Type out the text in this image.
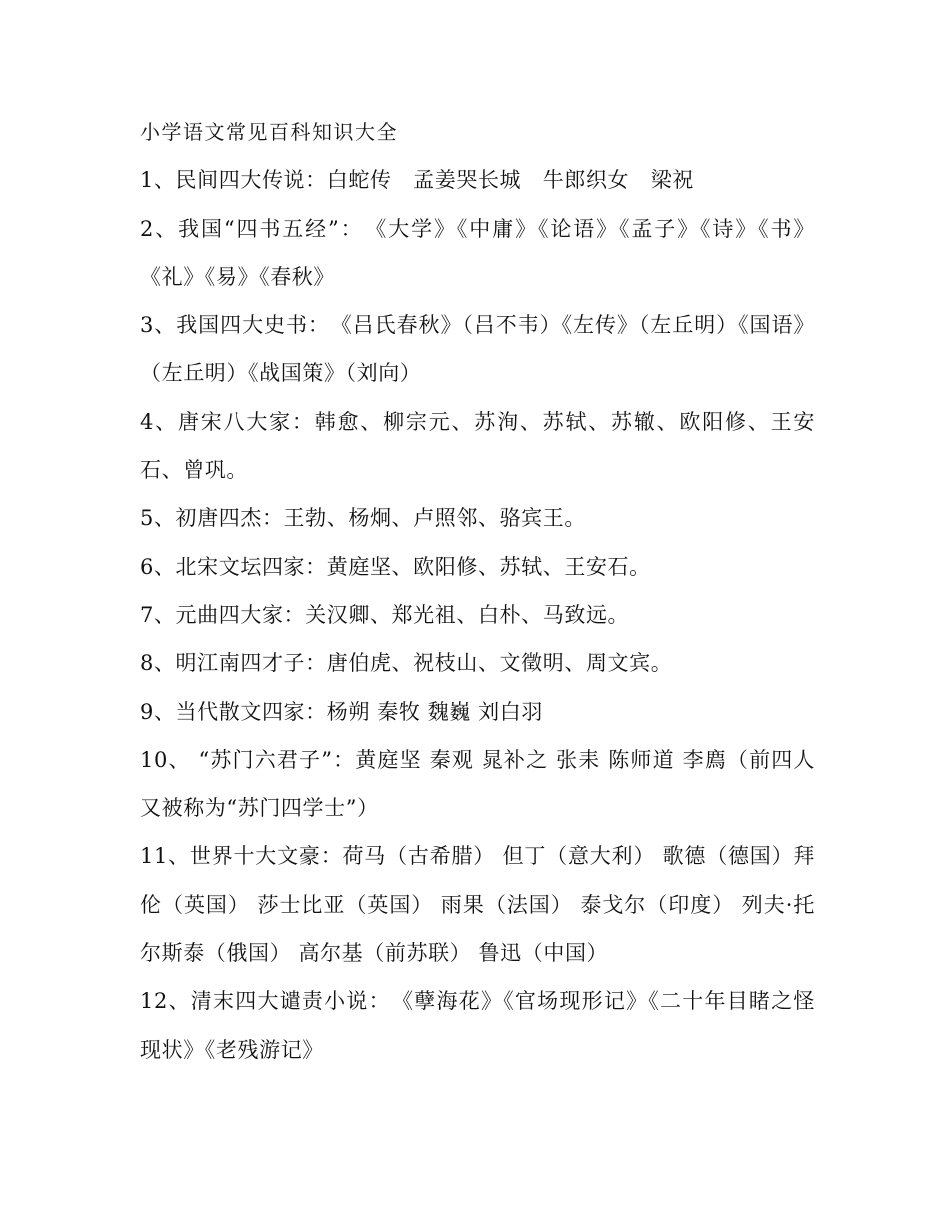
小学语文常见百科知识大全

1、民间四大传说：白蛇传　孟姜哭长城　牛郎织女　梁祝

2、我国“四书五经”：　《大学》《中庸》《论语》《孟子》《诗》《书》《礼》《易》《春秋》

3、我国四大史书：　《吕氏春秋》（吕不韦）《左传》（左丘明）《国语》（左丘明）《战国策》（刘向）

4、唐宋八大家：韩愈、柳宗元、苏洵、苏轼、苏辙、欧阳修、王安石、曾巩。

5、初唐四杰：王勃、杨炯、卢照邻、骆宾王。

6、北宋文坛四家：黄庭坚、欧阳修、苏轼、王安石。

7、元曲四大家：关汉卿、郑光祖、白朴、马致远。

8、明江南四才子：唐伯虎、祝枝山、文徵明、周文宾。

9、当代散文四家：杨朔 秦牧 魏巍 刘白羽

10、 “苏门六君子”：黄庭坚 秦观 晁补之 张耒 陈师道 李廌（前四人又被称为“苏门四学士”）

11、世界十大文豪：荷马（古希腊） 但丁（意大利） 歌德（德国）拜伦（英国） 莎士比亚（英国） 雨果（法国） 泰戈尔（印度） 列夫·托尔斯泰（俄国） 高尔基（前苏联） 鲁迅（中国）

12、清末四大谴责小说：　《孽海花》《官场现形记》《二十年目睹之怪现状》《老残游记》
